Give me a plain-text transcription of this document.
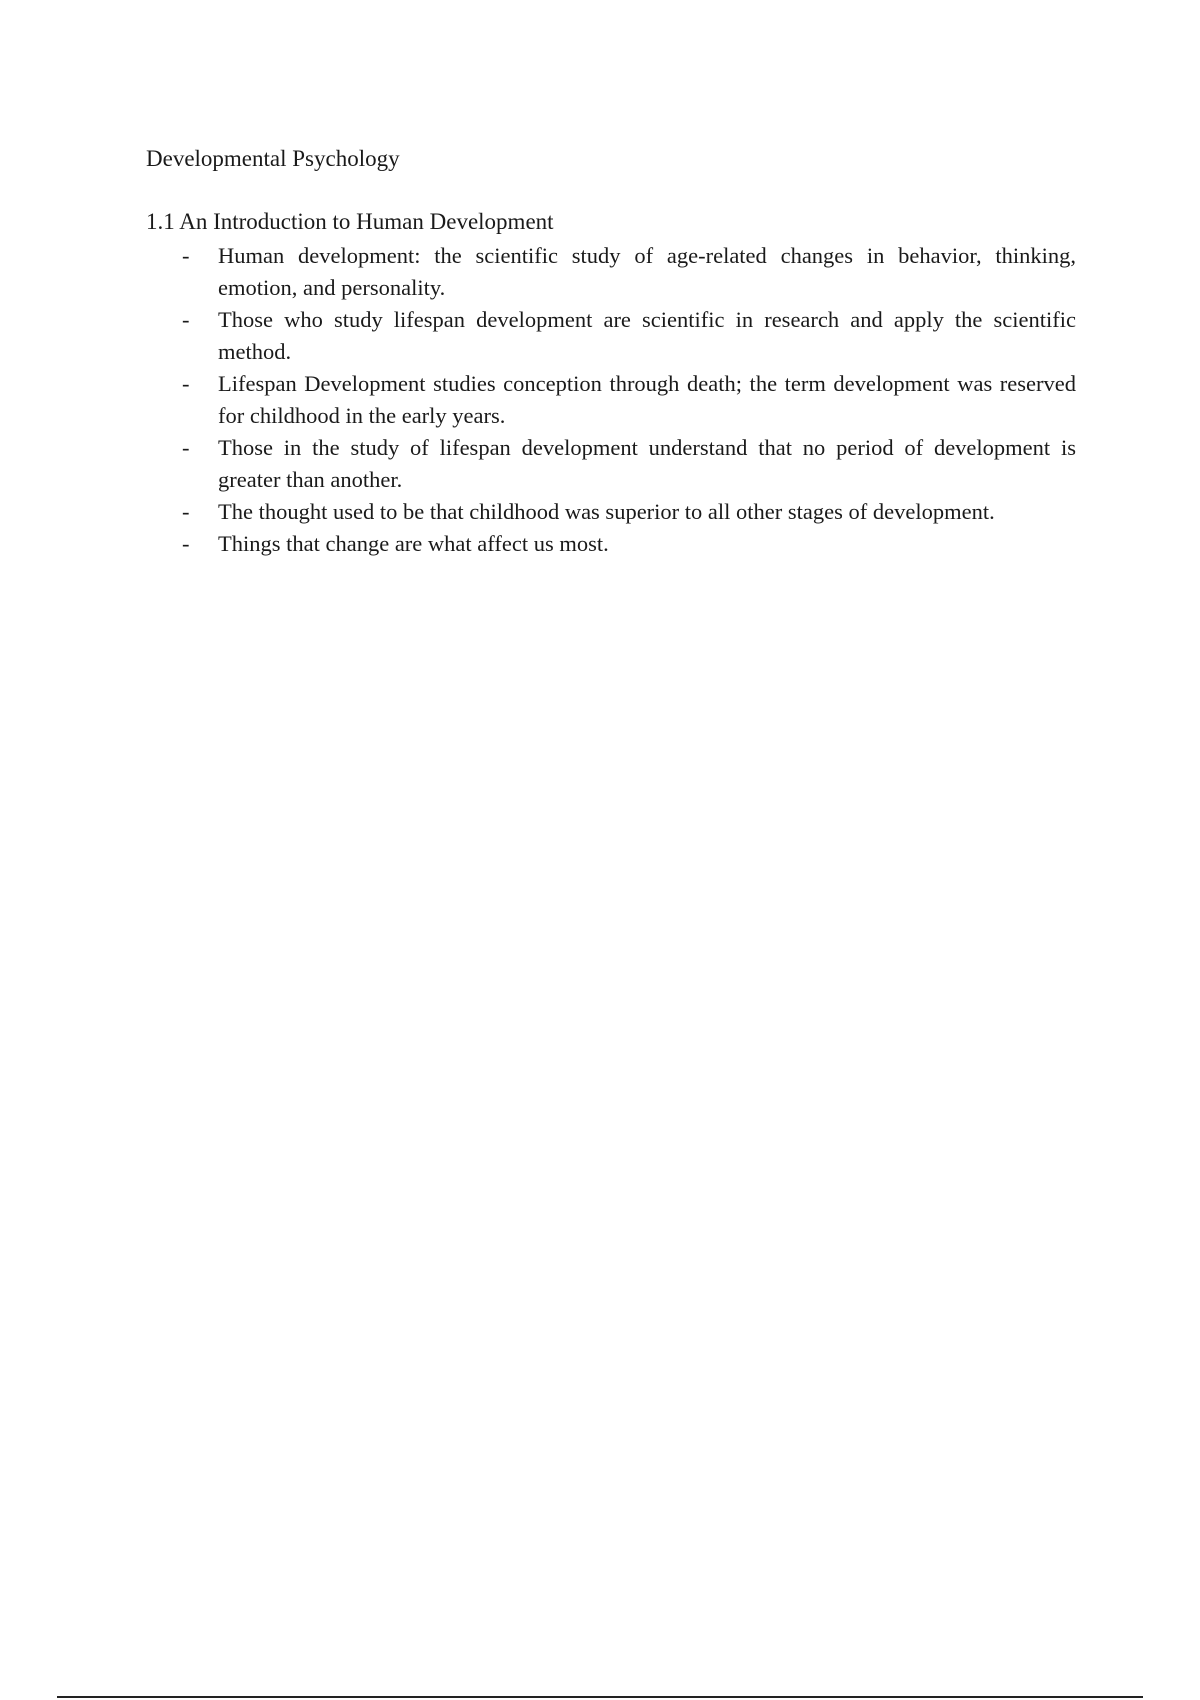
Developmental Psychology
1.1 An Introduction to Human Development
- Human development: the scientific study of age-related changes in behavior, thinking, emotion, and personality.
- Those who study lifespan development are scientific in research and apply the scientific method.
- Lifespan Development studies conception through death; the term development was reserved for childhood in the early years.
- Those in the study of lifespan development understand that no period of development is greater than another.
- The thought used to be that childhood was superior to all other stages of development.
- Things that change are what affect us most.
